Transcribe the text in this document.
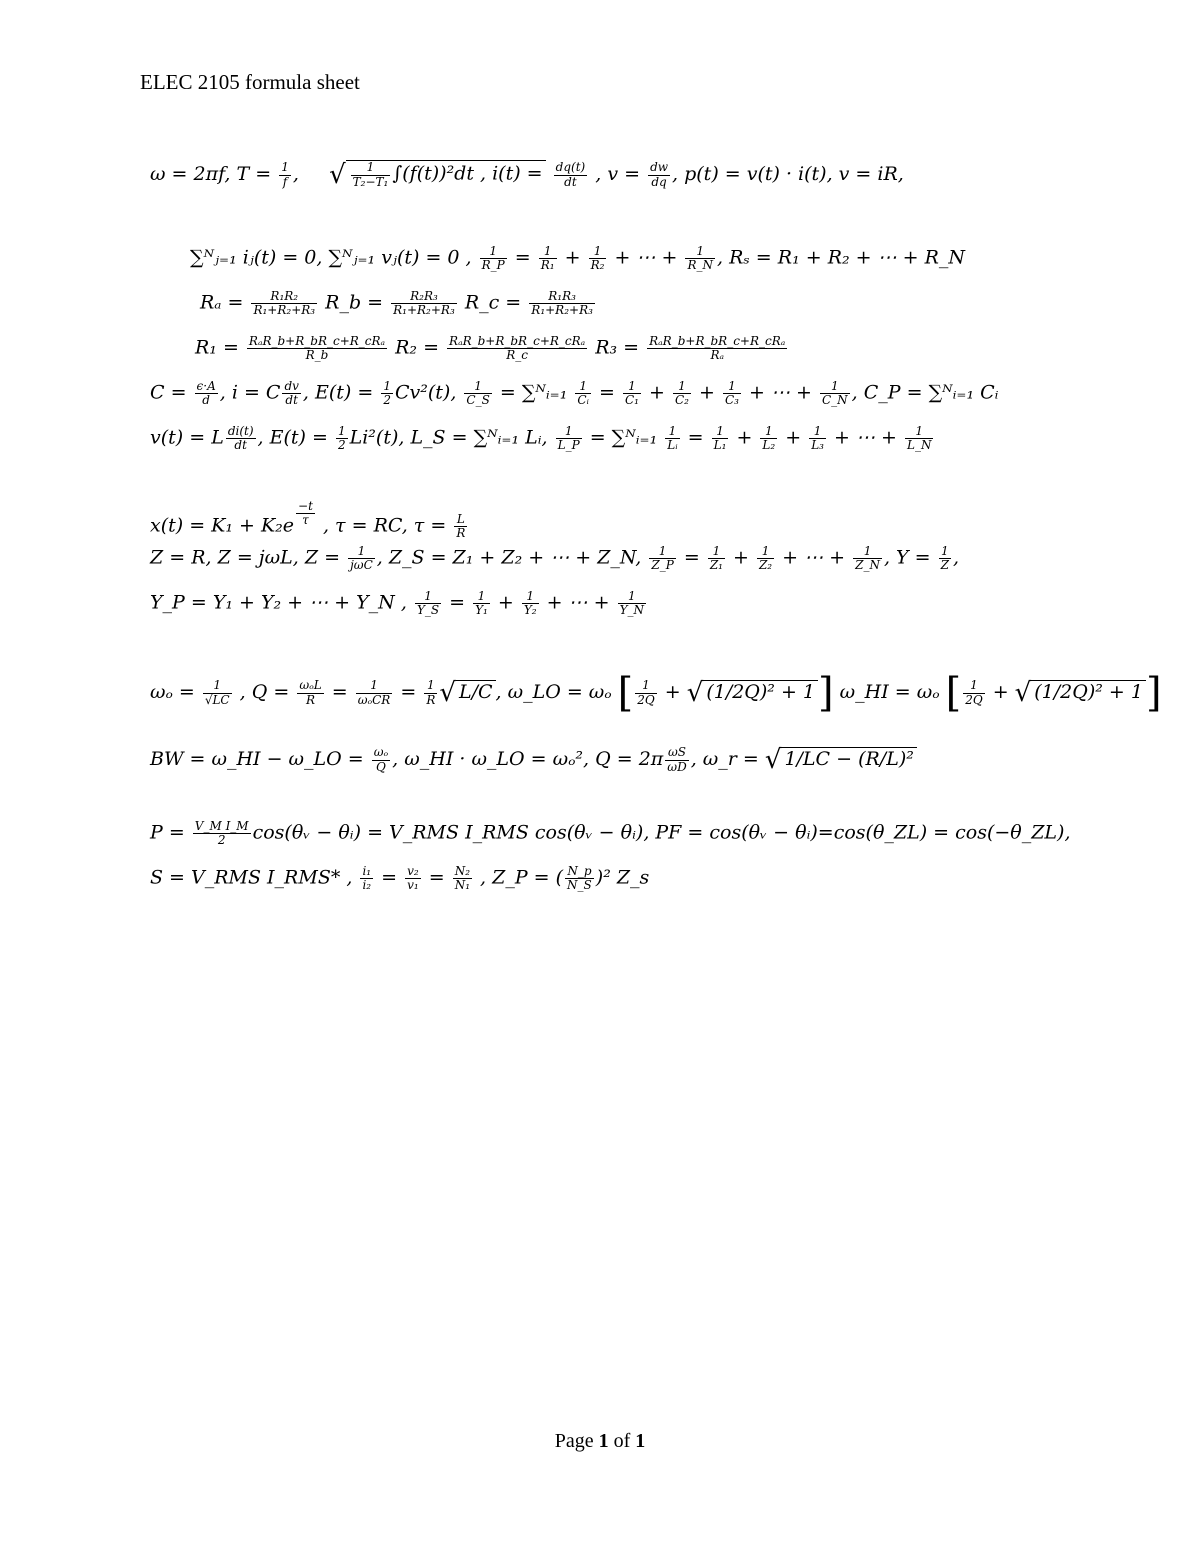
ELEC 2105 formula sheet
ω = 2πf, $T = \frac{1}{f}$ , √ $\frac{1}{\text{T₂−T₁}} \int(f(t))^2dt$ , $i(t) = \frac{dq(t)}{dt}$ , $v = \frac{dw}{dq}$ , p(t) = v(t) · i(t), v = iR,
∑ᴺⱼ₌₁ iⱼ(t) = 0, ∑ᴺⱼ₌₁ vⱼ(t) = 0 , $\frac{1}{R\_P} = \frac{1}{\text{R₁}} + \frac{1}{\text{R₂}}$ + ⋯ + $\frac{1}{R\_N}$ , Rₛ = R₁ + R₂ + ⋯ + R_N
$R_a = \frac{\text{R₁R₂}}{\text{R₁+R₂+R₃}}$ R_b = $\frac{\text{R₂R₃}}{\text{R₁+R₂+R₃}}$ R_c = $\frac{\text{R₁R₃}}{\text{R₁+R₂+R₃}}$
R₁ = RₐR_b+R_bR_c+R_cRₐ
R_b	R₂ = RₐR_b+R_bR_c+R_cRₐ
R_c	R₃ = RₐR_b+R_bR_c+R_cRₐ
Rₐ
$C = \frac{\epsilon\cdot A}{d}$ , i = C $\frac{dv}{dt}$ , $E(t) = \frac{1}{2} Cv^2(t)$, $\frac{1}{C\_S}$ = ∑ᴺᵢ₌₁ $\frac{1}{\text{Cᵢ}} = \frac{1}{\text{C₁}} + \frac{1}{\text{C₂}} + \frac{1}{\text{C₃}}$ + ⋯ + $\frac{1}{C\_N}$ , C_P = ∑ᴺᵢ₌₁ Cᵢ
v(t) = L $\frac{di(t)}{dt}$ , $E(t) = \frac{1}{2} Li^2(t)$, L_S = ∑ᴺᵢ₌₁ Lᵢ, $\frac{1}{L\_P}$ = ∑ᴺᵢ₌₁ $\frac{1}{\text{Lᵢ}} = \frac{1}{\text{L₁}} + \frac{1}{\text{L₂}} + \frac{1}{\text{L₃}}$ + ⋯ + $\frac{1}{L\_N}$
$x(t) = K_1 + K_2e \frac{-t}{\tau}$ , τ = RC, $\tau = \frac{L}{R}$
Z = R, Z = jωL, Z = 1
jωC , Z_S = Z₁ + Z₂ + ⋯ + Z_N, $\frac{1}{Z\_P} = \frac{1}{\text{Z₁}} + \frac{1}{\text{Z₂}}$ + ⋯ + $\frac{1}{Z\_N}$ , $Y = \frac{1}{Z}$ ,
Y_P = Y₁ + Y₂ + ⋯ + Y_N , $\frac{1}{Y\_S} = \frac{1}{\text{Y₁}} + \frac{1}{\text{Y₂}}$ + ⋯ + $\frac{1}{Y\_N}$
$\omega_o = \frac{1}{√LC}$ , Q = ωₒL
R =	1
$\omega_oCR = \frac{1}{R}$ √ L/C , ω_LO = ωₒ [ $\frac{1}{2Q}$ + √ (1/2Q)² + 1] ω_HI = ωₒ [ $\frac{1}{2Q}$ + √ (1/2Q)² + 1]
BW = ω_HI − ω_LO = $\frac{\text{ωₒ}}{Q}$ , ω_HI · ω_LO = ωₒ², $Q = 2\pi \frac{\omega S}{\omega D}$ , ω_r = √ 1/LC − (R/L)²
$P = \frac{\text{V\_M I\_M}}{2}$ cos(θᵥ − θᵢ) = V_RMS I_RMS cos(θᵥ − θᵢ), PF = cos(θᵥ − θᵢ)=cos(θ_ZL) = cos(−θ_ZL),
S = V_RMS I_RMS* , $\frac{\text{i₁}}{\text{i₂}} = \frac{\text{v₂}}{\text{v₁}} = \frac{\text{N₂}}{\text{N₁}}$ , Z_P = ( $\frac{N\_p}{N\_S} )^2$ Z_s
Page 1 of 1
